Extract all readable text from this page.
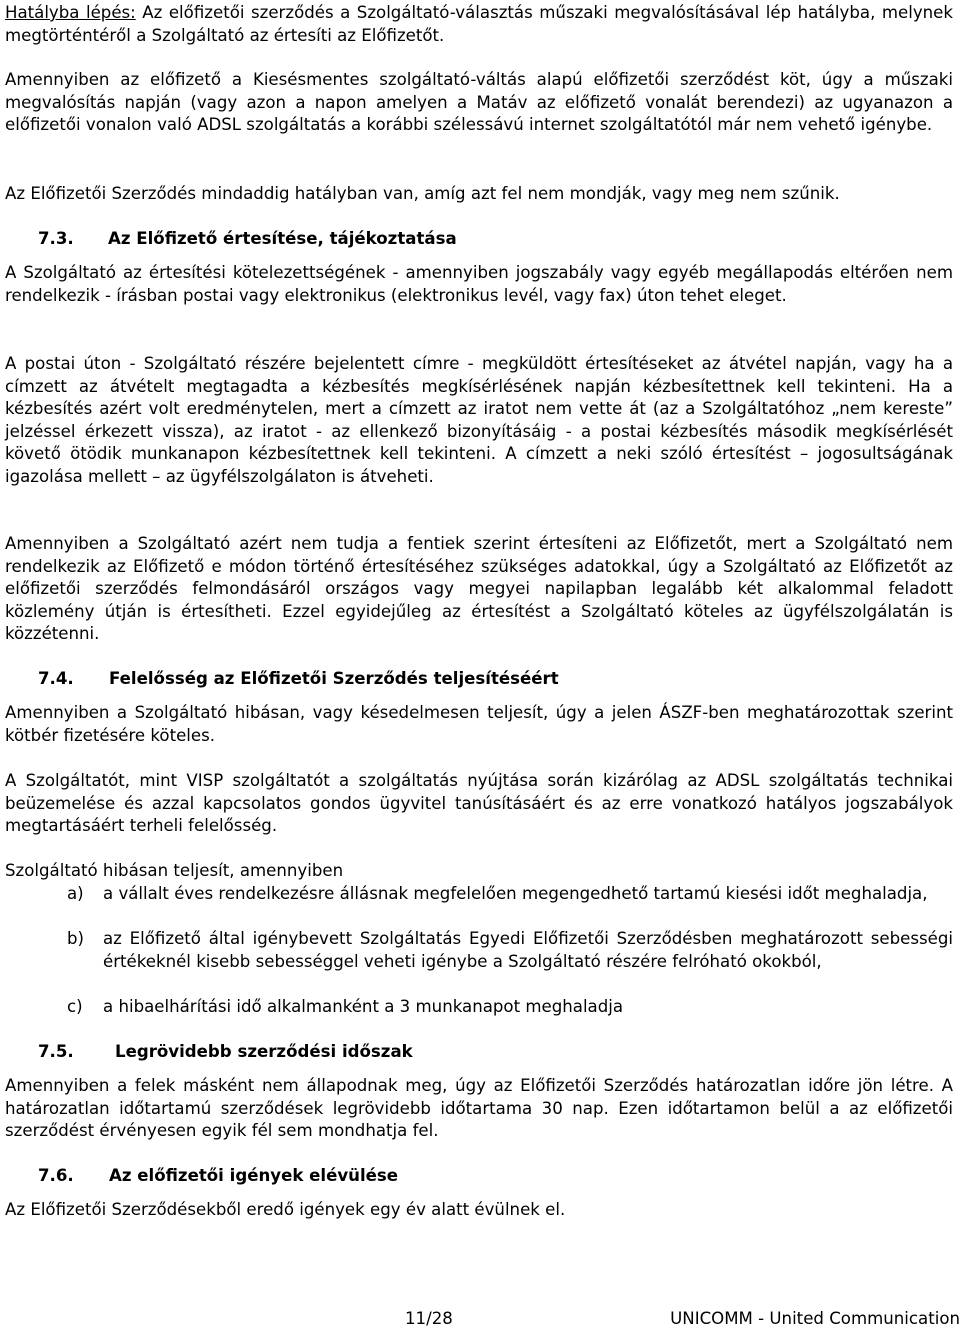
Hatályba lépés: Az előfizetői szerződés a Szolgáltató-választás műszaki megvalósításával lép hatályba, melynek megtörténtéről a Szolgáltató az értesíti az Előfizetőt.

Amennyiben az előfizető a Kiesésmentes szolgáltató-váltás alapú előfizetői szerződést köt, úgy a műszaki megvalósítás napján (vagy azon a napon amelyen a Matáv az előfizető vonalát berendezi) az ugyanazon a előfizetői vonalon való ADSL szolgáltatás a korábbi szélessávú internet szolgáltatótól már nem vehető igénybe.

Az Előfizetői Szerződés mindaddig hatályban van, amíg azt fel nem mondják, vagy meg nem szűnik.

7.3. Az Előfizető értesítése, tájékoztatása

A Szolgáltató az értesítési kötelezettségének - amennyiben jogszabály vagy egyéb megállapodás eltérően nem rendelkezik - írásban postai vagy elektronikus (elektronikus levél, vagy fax) úton tehet eleget.

A postai úton - Szolgáltató részére bejelentett címre - megküldött értesítéseket az átvétel napján, vagy ha a címzett az átvételt megtagadta a kézbesítés megkísérlésének napján kézbesítettnek kell tekinteni. Ha a kézbesítés azért volt eredménytelen, mert a címzett az iratot nem vette át (az a Szolgáltatóhoz „nem kereste” jelzéssel érkezett vissza), az iratot - az ellenkező bizonyításáig - a postai kézbesítés második megkísérlését követő ötödik munkanapon kézbesítettnek kell tekinteni. A címzett a neki szóló értesítést – jogosultságának igazolása mellett – az ügyfélszolgálaton is átveheti.

Amennyiben a Szolgáltató azért nem tudja a fentiek szerint értesíteni az Előfizetőt, mert a Szolgáltató nem rendelkezik az Előfizető e módon történő értesítéséhez szükséges adatokkal, úgy a Szolgáltató az Előfizetőt az előfizetői szerződés felmondásáról országos vagy megyei napilapban legalább két alkalommal feladott közlemény útján is értesítheti. Ezzel egyidejűleg az értesítést a Szolgáltató köteles az ügyfélszolgálatán is közzétenni.

7.4. Felelősség az Előfizetői Szerződés teljesítéséért

Amennyiben a Szolgáltató hibásan, vagy késedelmesen teljesít, úgy a jelen ÁSZF-ben meghatározottak szerint kötbér fizetésére köteles.

A Szolgáltatót, mint VISP szolgáltatót a szolgáltatás nyújtása során kizárólag az ADSL szolgáltatás technikai beüzemelése és azzal kapcsolatos gondos ügyvitel tanúsításáért és az erre vonatkozó hatályos jogszabályok megtartásáért terheli felelősség.

Szolgáltató hibásan teljesít, amennyiben

a) a vállalt éves rendelkezésre állásnak megfelelően megengedhető tartamú kiesési időt meghaladja,
b) az Előfizető által igénybevett Szolgáltatás Egyedi Előfizetői Szerződésben meghatározott sebességi értékeknél kisebb sebességgel veheti igénybe a Szolgáltató részére felróható okokból,
c) a hibaelhárítási idő alkalmanként a 3 munkanapot meghaladja
7.5. Legrövidebb szerződési időszak

Amennyiben a felek másként nem állapodnak meg, úgy az Előfizetői Szerződés határozatlan időre jön létre. A határozatlan időtartamú szerződések legrövidebb időtartama 30 nap. Ezen időtartamon belül a az előfizetői szerződést érvényesen egyik fél sem mondhatja fel.

7.6. Az előfizetői igények elévülése

Az Előfizetői Szerződésekből eredő igények egy év alatt évülnek el.

11/28	UNICOMM - United Communication
